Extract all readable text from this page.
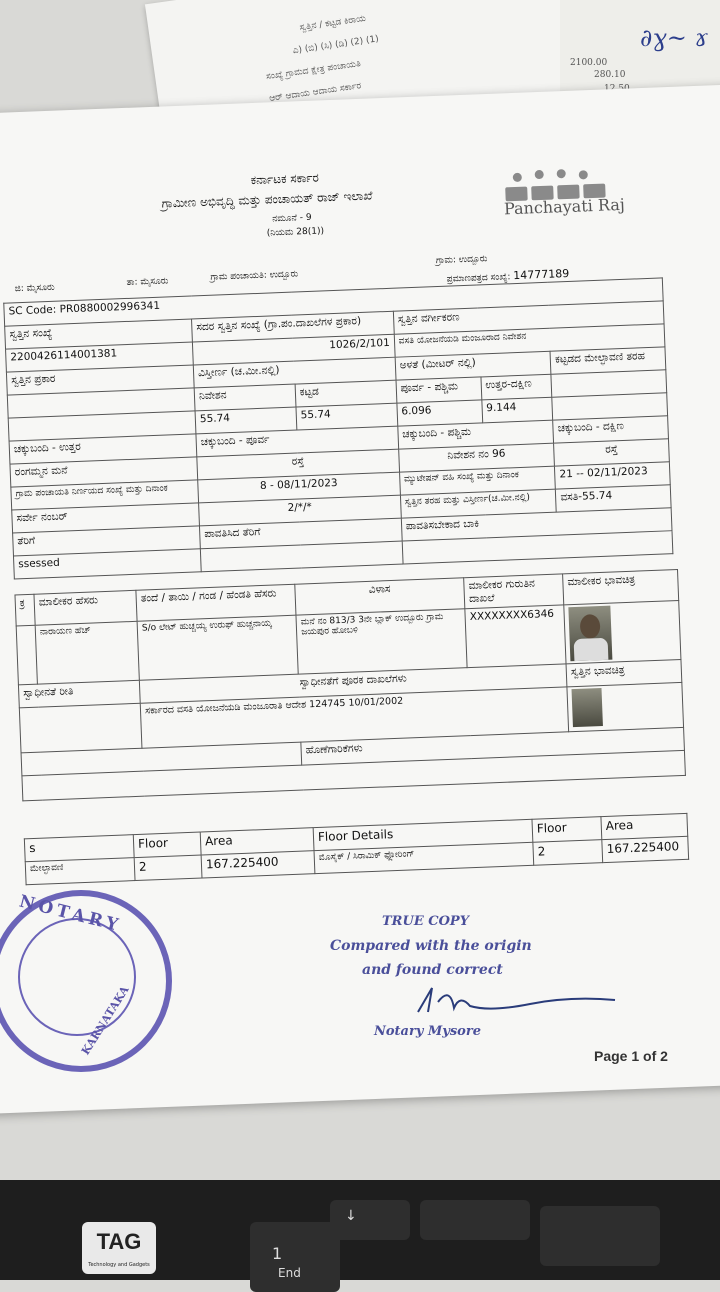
ಸ್ವತ್ತಿನ / ಕಟ್ಟಡ ಕಿರಾಯ
ಎ) (ಬಿ) (ಸಿ) (ಡಿ) (2) (1)
ಸಂಖ್ಯೆ ಗ್ರಾಮದ ಕ್ಷೇತ್ರ ಪಂಚಾಯತಿ
ಆರ್ ಆದಾಯ ಆದಾಯ ಸರ್ಕಾರ
2100.00
280.10
∂ɣ~ ɤ
ಕರ್ನಾಟಕ ಸರ್ಕಾರ
ಗ್ರಾಮೀಣ ಅಭಿವೃದ್ಧಿ ಮತ್ತು ಪಂಚಾಯತ್ ರಾಜ್ ಇಲಾಖೆ
ನಮೂನೆ - 9
(ನಿಯಮ 28(1))
Panchayati Raj
ಜಿ: ಮೈಸೂರು
ತಾ: ಮೈಸೂರು	ಗ್ರಾಮ ಪಂಚಾಯತಿ: ಉದ್ಬೂರು
ಗ್ರಾಮ: ಉದ್ಬೂರು
ಪ್ರಮಾಣಪತ್ರದ ಸಂಖ್ಯೆ: 14777189
SC Code: PR0880002996341					
ಸ್ವತ್ತಿನ ಸಂಖ್ಯೆ	ಸದರ ಸ್ವತ್ತಿನ ಸಂಖ್ಯೆ (ಗ್ರಾ.ಪಂ.ದಾಖಲೆಗಳ ಪ್ರಕಾರ)		ಸ್ವತ್ತಿನ ವರ್ಗೀಕರಣ		
2200426114001381	1026/2/101		ವಸತಿ ಯೋಜನೆಯಡಿ ಮಂಜೂರಾದ ನಿವೇಶನ		
ಸ್ವತ್ತಿನ ಪ್ರಕಾರ	ವಿಸ್ತೀರ್ಣ (ಚ.ಮೀ.ನಲ್ಲಿ)		ಅಳತೆ (ಮೀಟರ್ ನಲ್ಲಿ)		ಕಟ್ಟಡದ ಮೇಲ್ಛಾವಣಿ ತರಹ
	ನಿವೇಶನ	ಕಟ್ಟಡ	ಪೂರ್ವ - ಪಶ್ಚಿಮ	ಉತ್ತರ-ದಕ್ಷಿಣ	
	55.74	55.74	6.096	9.144	
ಚಕ್ಕುಬಂದಿ - ಉತ್ತರ	ಚಕ್ಕುಬಂದಿ - ಪೂರ್ವ		ಚಕ್ಕುಬಂದಿ - ಪಶ್ಚಿಮ		ಚಕ್ಕುಬಂದಿ - ದಕ್ಷಿಣ
ರಂಗಮ್ಮನ ಮನೆ	ರಸ್ತೆ		ನಿವೇಶನ ನಂ 96		ರಸ್ತೆ
ಗ್ರಾಮ ಪಂಚಾಯತಿ ನಿರ್ಣಯದ ಸಂಖ್ಯೆ ಮತ್ತು ದಿನಾಂಕ	8 - 08/11/2023		ಮ್ಯುಟೇಷನ್ ವಹಿ ಸಂಖ್ಯೆ ಮತ್ತು ದಿನಾಂಕ		21 -- 02/11/2023
ಸರ್ವೇ ನಂಬರ್	2/*/*		ಸ್ವತ್ತಿನ ತರಹ ಮತ್ತು ವಿಸ್ತೀರ್ಣ(ಚ.ಮೀ.ನಲ್ಲಿ)		ವಸತಿ-55.74
ತೆರಿಗೆ	ಪಾವತಿಸಿದ ತೆರಿಗೆ		ಪಾವತಿಸಬೇಕಾದ ಬಾಕಿ		
ssessed					
ಕ್ರ	ಮಾಲೀಕರ ಹೆಸರು	ತಂದೆ / ತಾಯಿ / ಗಂಡ / ಹೆಂಡತಿ ಹೆಸರು	ವಿಳಾಸ	ಮಾಲೀಕರ ಗುರುತಿನ ದಾಖಲೆ	ಮಾಲೀಕರ ಭಾವಚಿತ್ರ
	ನಾರಾಯಣ ಹೆಚ್	S/o ಲೇಟ್ ಹುಚ್ಚಯ್ಯ ಉರುಫ್ ಹುಚ್ಚನಾಯ್ಕ	ಮನೆ ನಂ 813/3 3ನೇ ಬ್ಲಾಕ್ ಉದ್ಬೂರು ಗ್ರಾಮ ಜಯಪುರ ಹೋಬಳಿ	XXXXXXXX6346	

ಸ್ವಾಧೀನತೆ ರೀತಿ		ಸ್ವಾಧೀನತೆಗೆ ಪೂರಕ ದಾಖಲೆಗಳು			ಸ್ವತ್ತಿನ ಭಾವಚಿತ್ರ
		ಸರ್ಕಾರದ ವಸತಿ ಯೋಜನೆಯಡಿ ಮಂಜೂರಾತಿ ಆದೇಶ 124745 10/01/2002			

			ಹೊಣೆಗಾರಿಕೆಗಳು		

s	Floor	Area	Floor Details	Floor	Area
ಮೇಲ್ಛಾವಣಿ	2	167.225400	ಮೊಸೈಕ್ / ಸಿರಾಮಿಕ್ ಫ್ಲೋರಿಂಗ್	2	167.225400
NOTARY
KARNATAKA
TRUE COPY
Compared with the origin
and found correct
Notary Mysore
Page 1 of 2
1
End
↓
TAG
Technology and Gadgets
